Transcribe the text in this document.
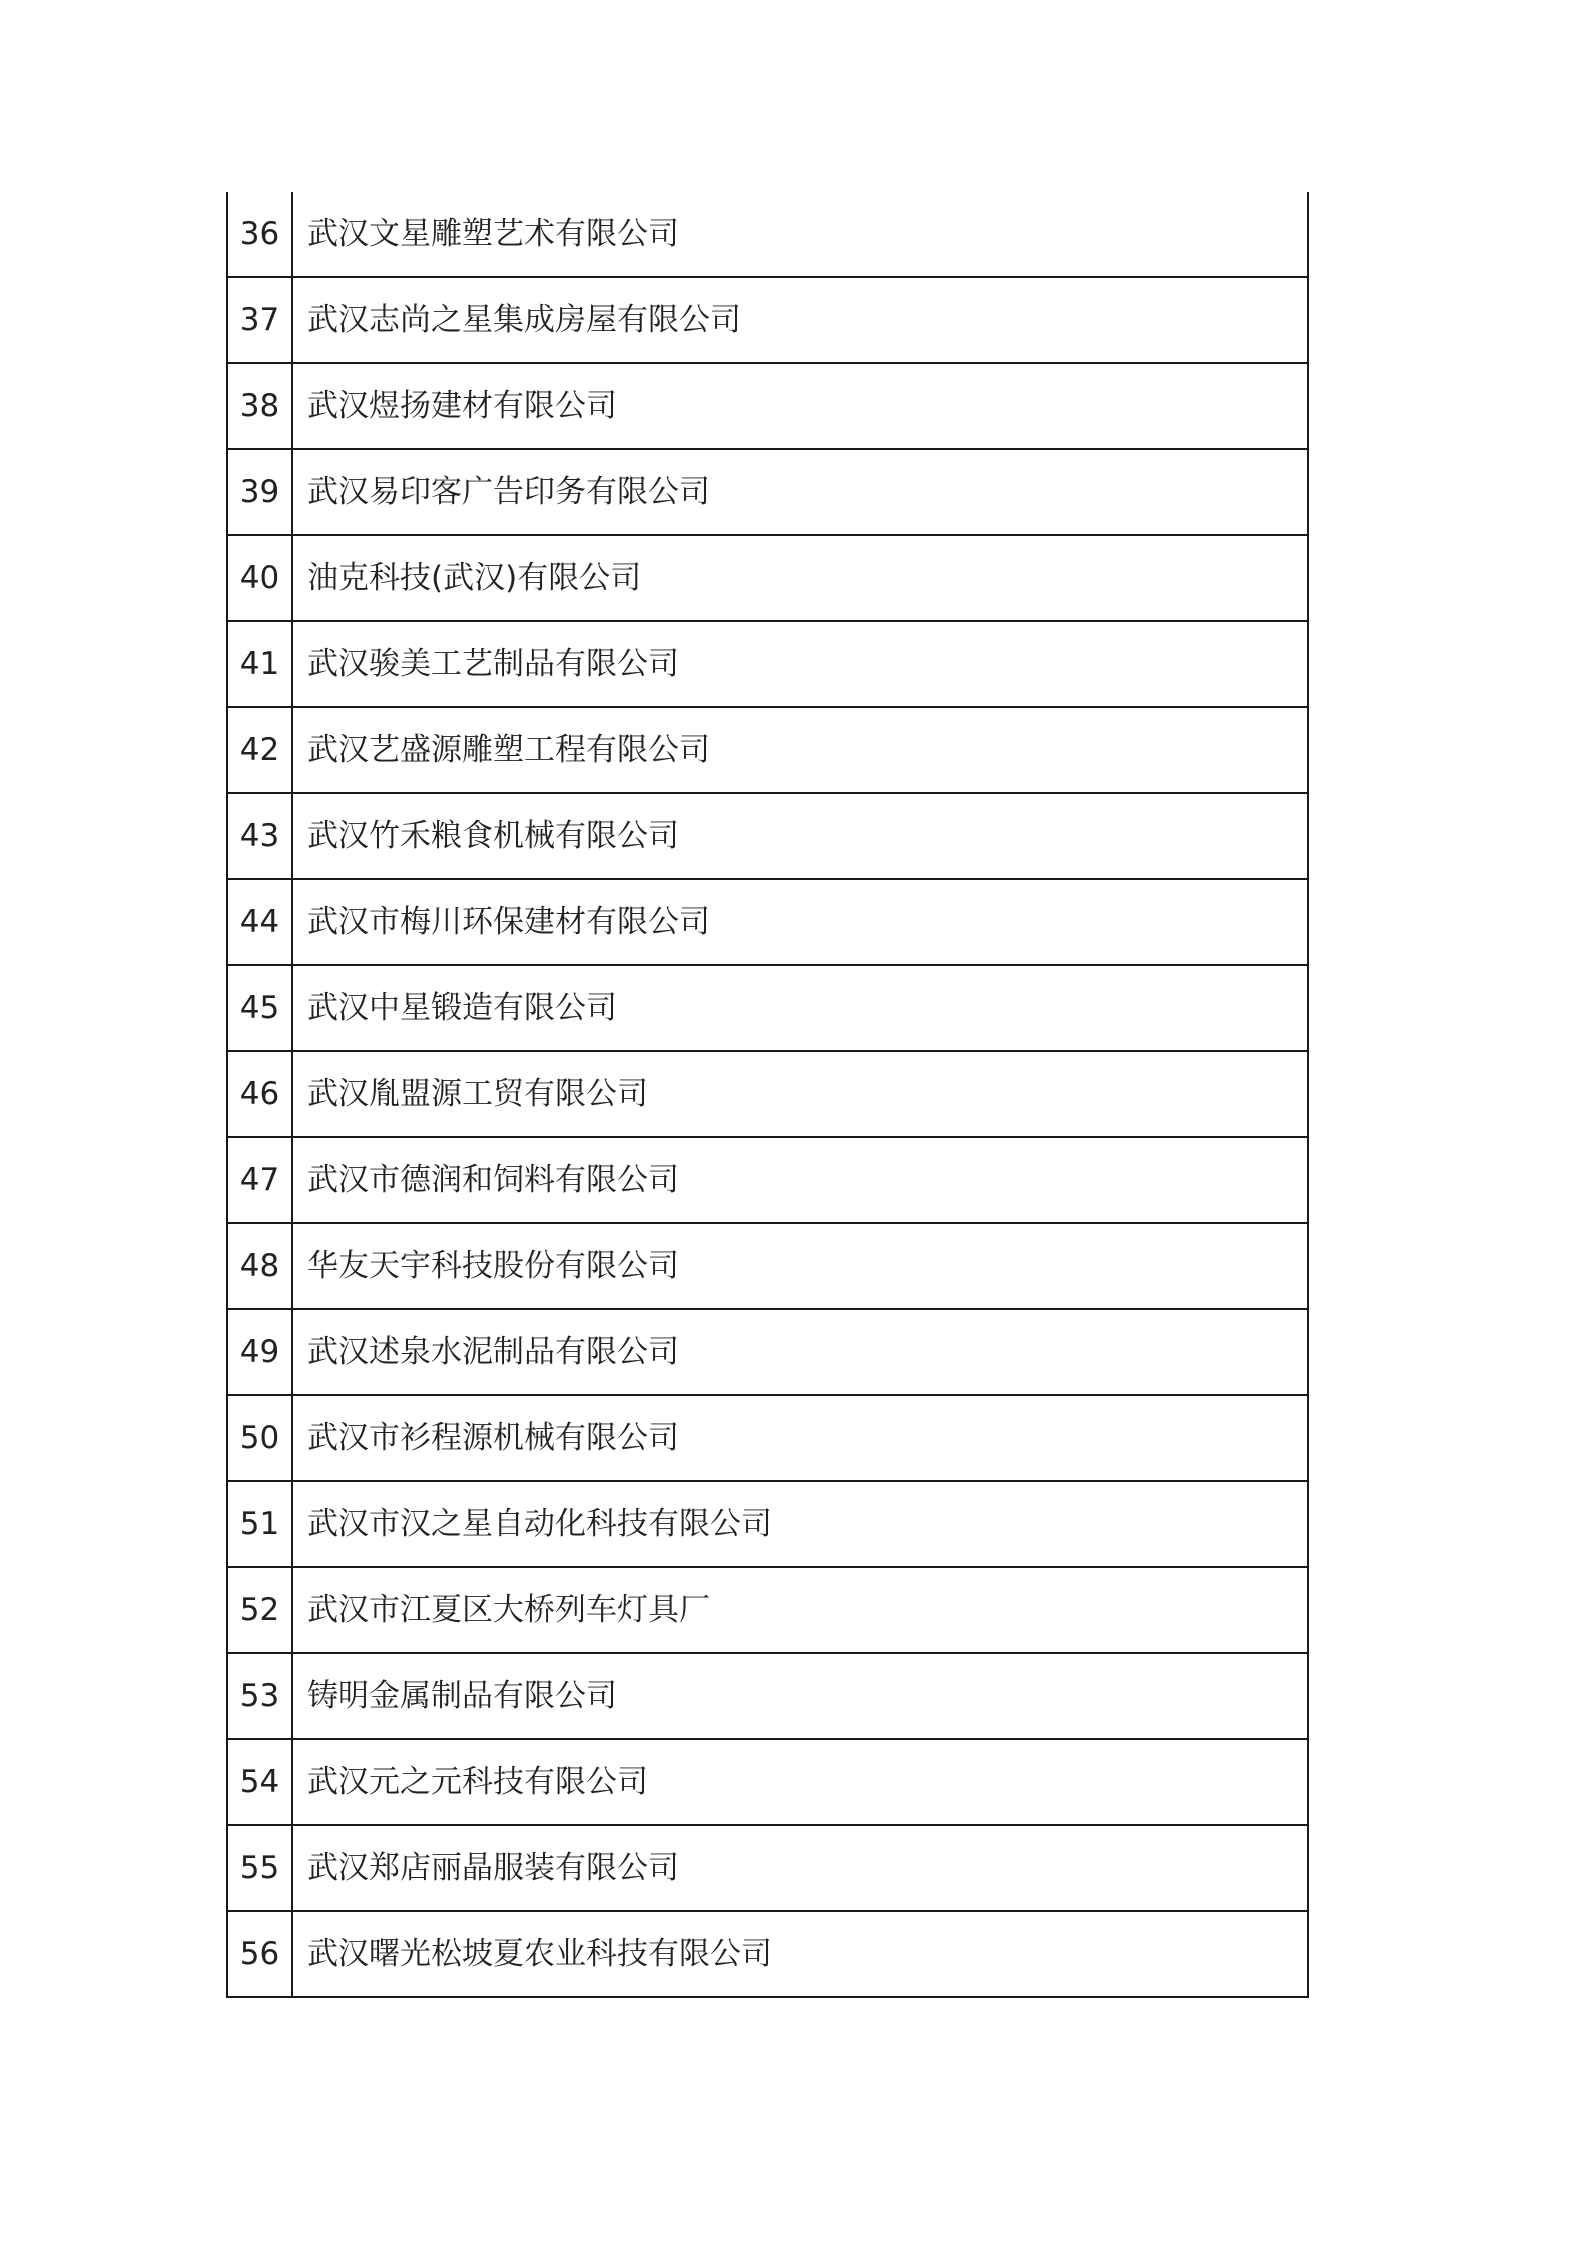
36	武汉文星雕塑艺术有限公司
37	武汉志尚之星集成房屋有限公司
38	武汉煜扬建材有限公司
39	武汉易印客广告印务有限公司
40	油克科技(武汉)有限公司
41	武汉骏美工艺制品有限公司
42	武汉艺盛源雕塑工程有限公司
43	武汉竹禾粮食机械有限公司
44	武汉市梅川环保建材有限公司
45	武汉中星锻造有限公司
46	武汉胤盟源工贸有限公司
47	武汉市德润和饲料有限公司
48	华友天宇科技股份有限公司
49	武汉述泉水泥制品有限公司
50	武汉市衫程源机械有限公司
51	武汉市汉之星自动化科技有限公司
52	武汉市江夏区大桥列车灯具厂
53	铸明金属制品有限公司
54	武汉元之元科技有限公司
55	武汉郑店丽晶服装有限公司
56	武汉曙光松坡夏农业科技有限公司
